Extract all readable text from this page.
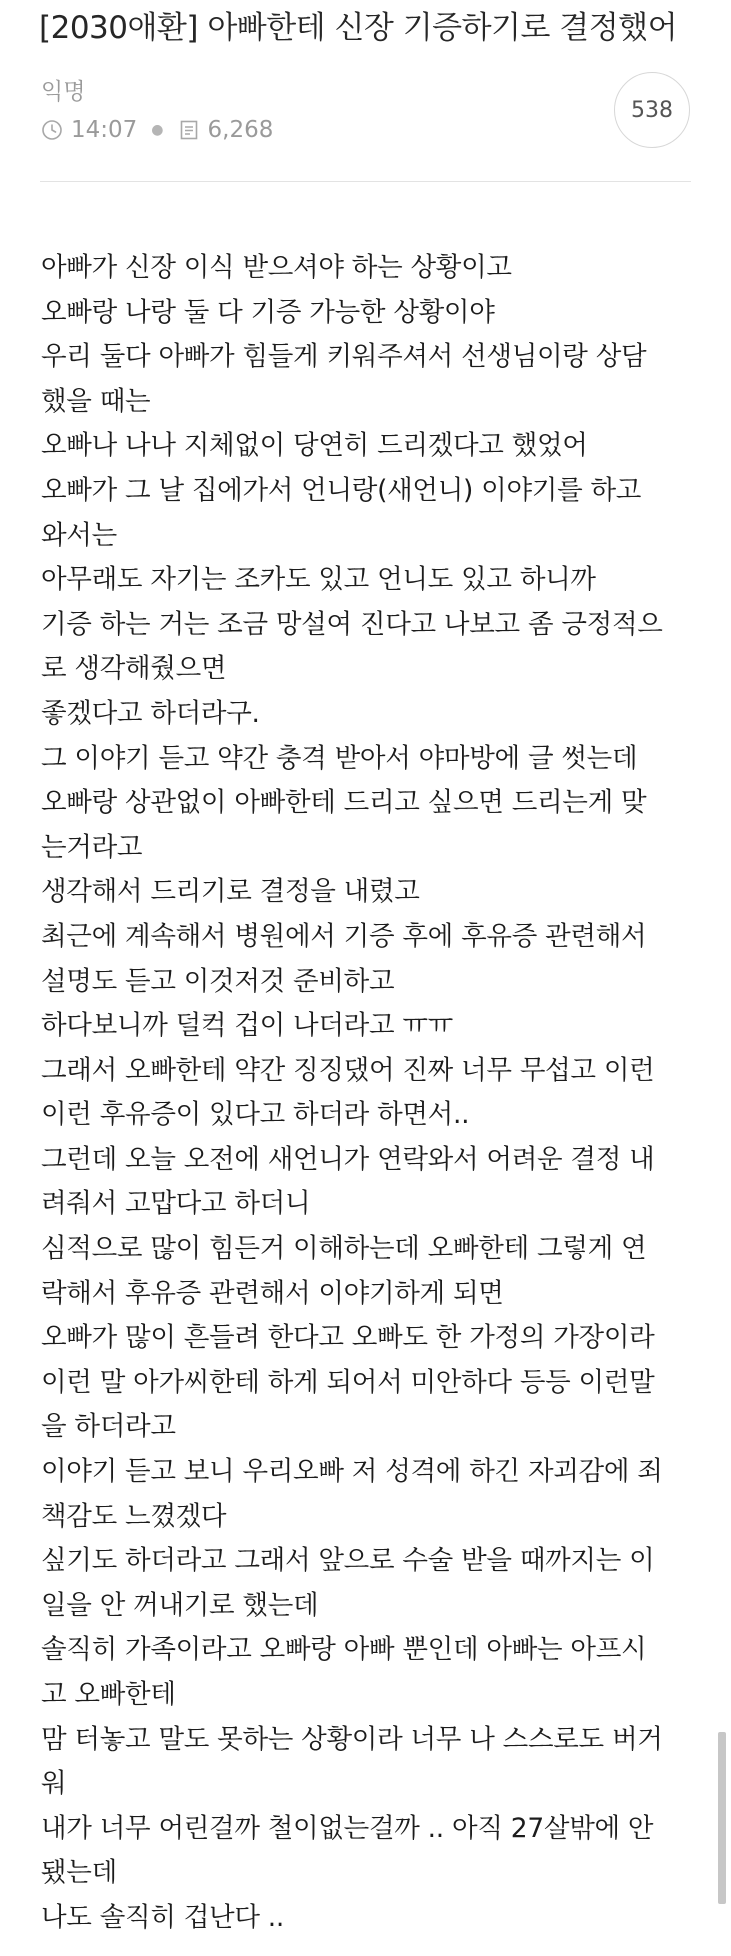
[2030애환] 아빠한테 신장 기증하기로 결정했어
익명
14:07 ● 6,268
538
아빠가 신장 이식 받으셔야 하는 상황이고
오빠랑 나랑 둘 다 기증 가능한 상황이야
우리 둘다 아빠가 힘들게 키워주셔서 선생님이랑 상담
했을 때는
오빠나 나나 지체없이 당연히 드리겠다고 했었어
오빠가 그 날 집에가서 언니랑(새언니) 이야기를 하고
와서는
아무래도 자기는 조카도 있고 언니도 있고 하니까
기증 하는 거는 조금 망설여 진다고 나보고 좀 긍정적으
로 생각해줬으면
좋겠다고 하더라구.
그 이야기 듣고 약간 충격 받아서 야마방에 글 썻는데
오빠랑 상관없이 아빠한테 드리고 싶으면 드리는게 맞
는거라고
생각해서 드리기로 결정을 내렸고
최근에 계속해서 병원에서 기증 후에 후유증 관련해서
설명도 듣고 이것저것 준비하고
하다보니까 덜컥 겁이 나더라고 ㅠㅠ
그래서 오빠한테 약간 징징댔어 진짜 너무 무섭고 이런
이런 후유증이 있다고 하더라 하면서..
그런데 오늘 오전에 새언니가 연락와서 어려운 결정 내
려줘서 고맙다고 하더니
심적으로 많이 힘든거 이해하는데 오빠한테 그렇게 연
락해서 후유증 관련해서 이야기하게 되면
오빠가 많이 흔들려 한다고 오빠도 한 가정의 가장이라
이런 말 아가씨한테 하게 되어서 미안하다 등등 이런말
을 하더라고
이야기 듣고 보니 우리오빠 저 성격에 하긴 자괴감에 죄
책감도 느꼈겠다
싶기도 하더라고 그래서 앞으로 수술 받을 때까지는 이
일을 안 꺼내기로 했는데
솔직히 가족이라고 오빠랑 아빠 뿐인데 아빠는 아프시
고 오빠한테
맘 터놓고 말도 못하는 상황이라 너무 나 스스로도 버거
워
내가 너무 어린걸까 철이없는걸까 .. 아직 27살밖에 안
됐는데
나도 솔직히 겁난다 ..
